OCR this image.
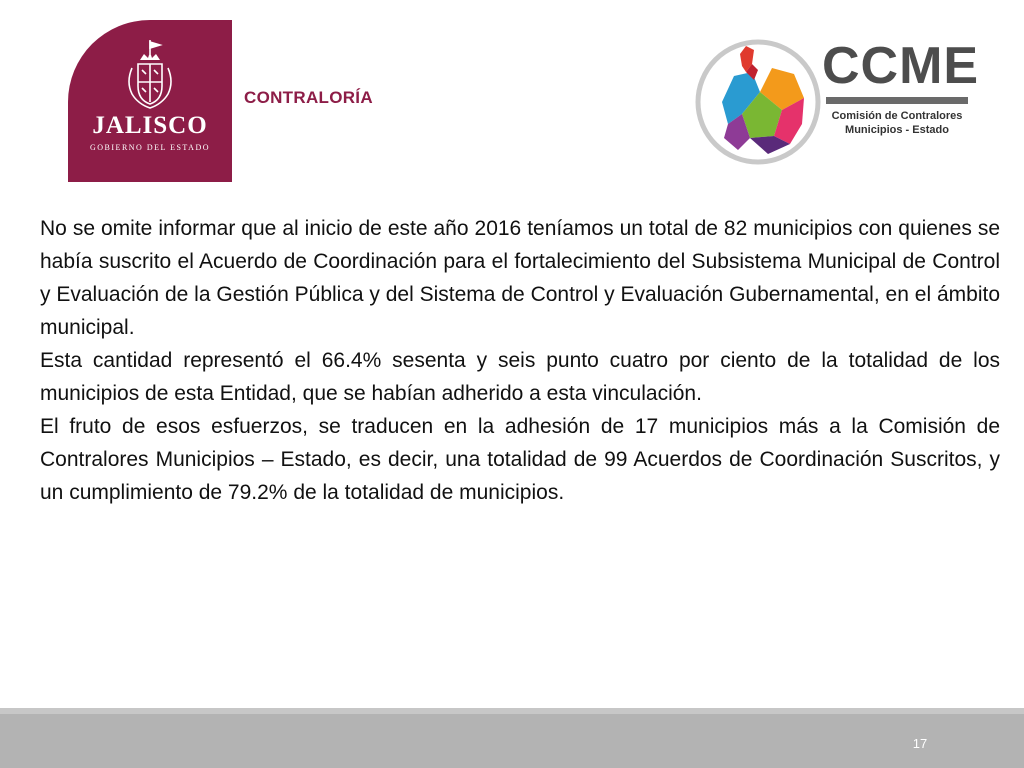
JALISCO
GOBIERNO DEL ESTADO
CONTRALORÍA
CCME
Comisión de Contralores
Municipios - Estado

No se omite informar que al inicio de este año 2016 teníamos un total de 82 municipios con quienes se había suscrito el Acuerdo de Coordinación para el fortalecimiento del Subsistema Municipal de Control y Evaluación de la Gestión Pública y del Sistema de Control y Evaluación Gubernamental, en el ámbito municipal.

Esta cantidad representó el 66.4% sesenta y seis punto cuatro por ciento de la totalidad de los municipios de esta Entidad, que se habían adherido a esta vinculación.

El fruto de esos esfuerzos, se traducen en la adhesión de 17 municipios más a la Comisión de Contralores Municipios – Estado, es decir, una totalidad de 99 Acuerdos de Coordinación Suscritos, y un cumplimiento de 79.2% de la totalidad de municipios.

17
